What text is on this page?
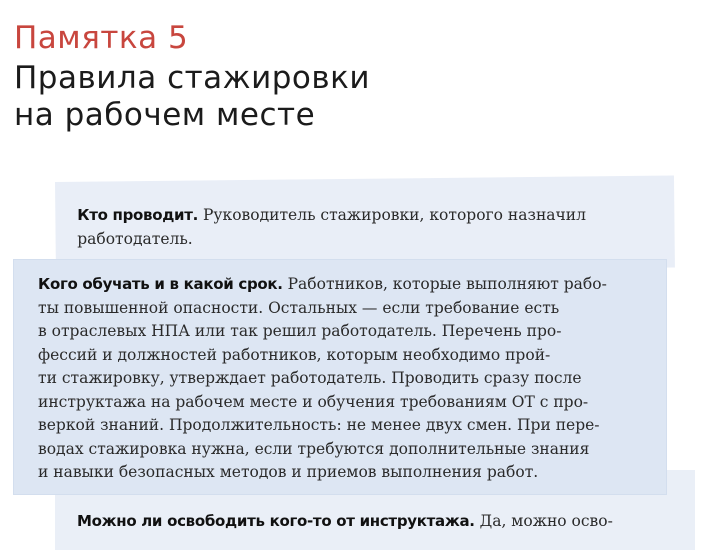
Памятка 5
Правила стажировки
на рабочем месте
Кто проводит. Руководитель стажировки, которого назначил
работодатель.
Можно ли освободить кого-то от инструктажа. Да, можно осво-
Кого обучать и в какой срок. Работников, которые выполняют рабо-
ты повышенной опасности. Остальных — если требование есть
в отраслевых НПА или так решил работодатель. Перечень про-
фессий и должностей работников, которым необходимо прой-
ти стажировку, утверждает работодатель. Проводить сразу после
инструктажа на рабочем месте и обучения требованиям ОТ с про-
веркой знаний. Продолжительность: не менее двух смен. При пере-
водах стажировка нужна, если требуются дополнительные знания
и навыки безопасных методов и приемов выполнения работ.
